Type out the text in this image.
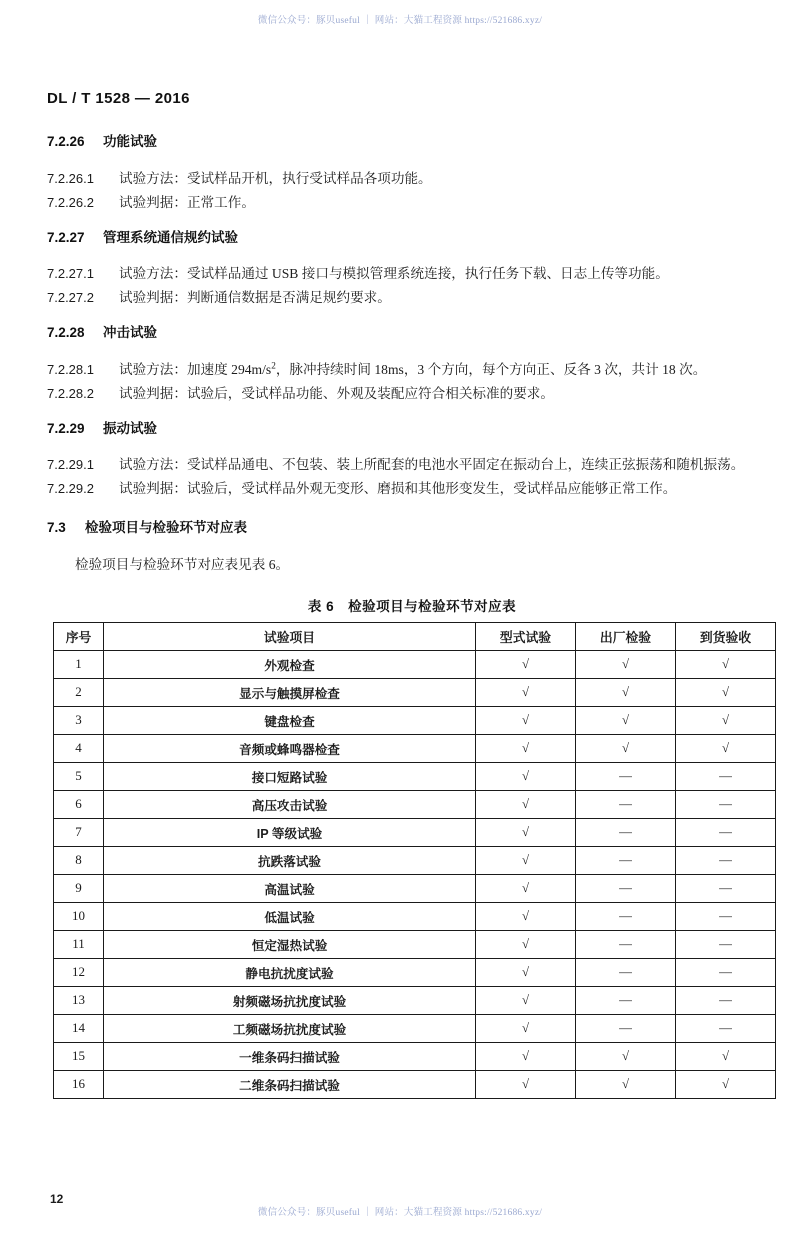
微信公众号：豚贝useful ｜ 网站：大猫工程资源 https://521686.xyz/
DL / T 1528 — 2016
7.2.26 功能试验

7.2.26.1 试验方法：受试样品开机，执行受试样品各项功能。

7.2.26.2 试验判据：正常工作。

7.2.27 管理系统通信规约试验

7.2.27.1 试验方法：受试样品通过 USB 接口与模拟管理系统连接，执行任务下载、日志上传等功能。

7.2.27.2 试验判据：判断通信数据是否满足规约要求。

7.2.28 冲击试验

7.2.28.1 试验方法：加速度 $294m/s^2$，脉冲持续时间 18ms，3 个方向，每个方向正、反各 3 次，共计 18 次。

7.2.28.2 试验判据：试验后，受试样品功能、外观及装配应符合相关标准的要求。

7.2.29 振动试验

7.2.29.1 试验方法：受试样品通电、不包装、装上所配套的电池水平固定在振动台上，连续正弦振荡和随机振荡。

7.2.29.2 试验判据：试验后，受试样品外观无变形、磨损和其他形变发生，受试样品应能够正常工作。

7.3 检验项目与检验环节对应表

检验项目与检验环节对应表见表 6。

表 6　检验项目与检验环节对应表
序号	试验项目	型式试验	出厂检验	到货验收
1	外观检查	√	√	√
2	显示与触摸屏检查	√	√	√
3	键盘检查	√	√	√
4	音频或蜂鸣器检查	√	√	√
5	接口短路试验	√	—	—
6	高压攻击试验	√	—	—
7	IP 等级试验	√	—	—
8	抗跌落试验	√	—	—
9	高温试验	√	—	—
10	低温试验	√	—	—
11	恒定湿热试验	√	—	—
12	静电抗扰度试验	√	—	—
13	射频磁场抗扰度试验	√	—	—
14	工频磁场抗扰度试验	√	—	—
15	一维条码扫描试验	√	√	√
16	二维条码扫描试验	√	√	√
12
微信公众号：豚贝useful ｜ 网站：大猫工程资源 https://521686.xyz/
